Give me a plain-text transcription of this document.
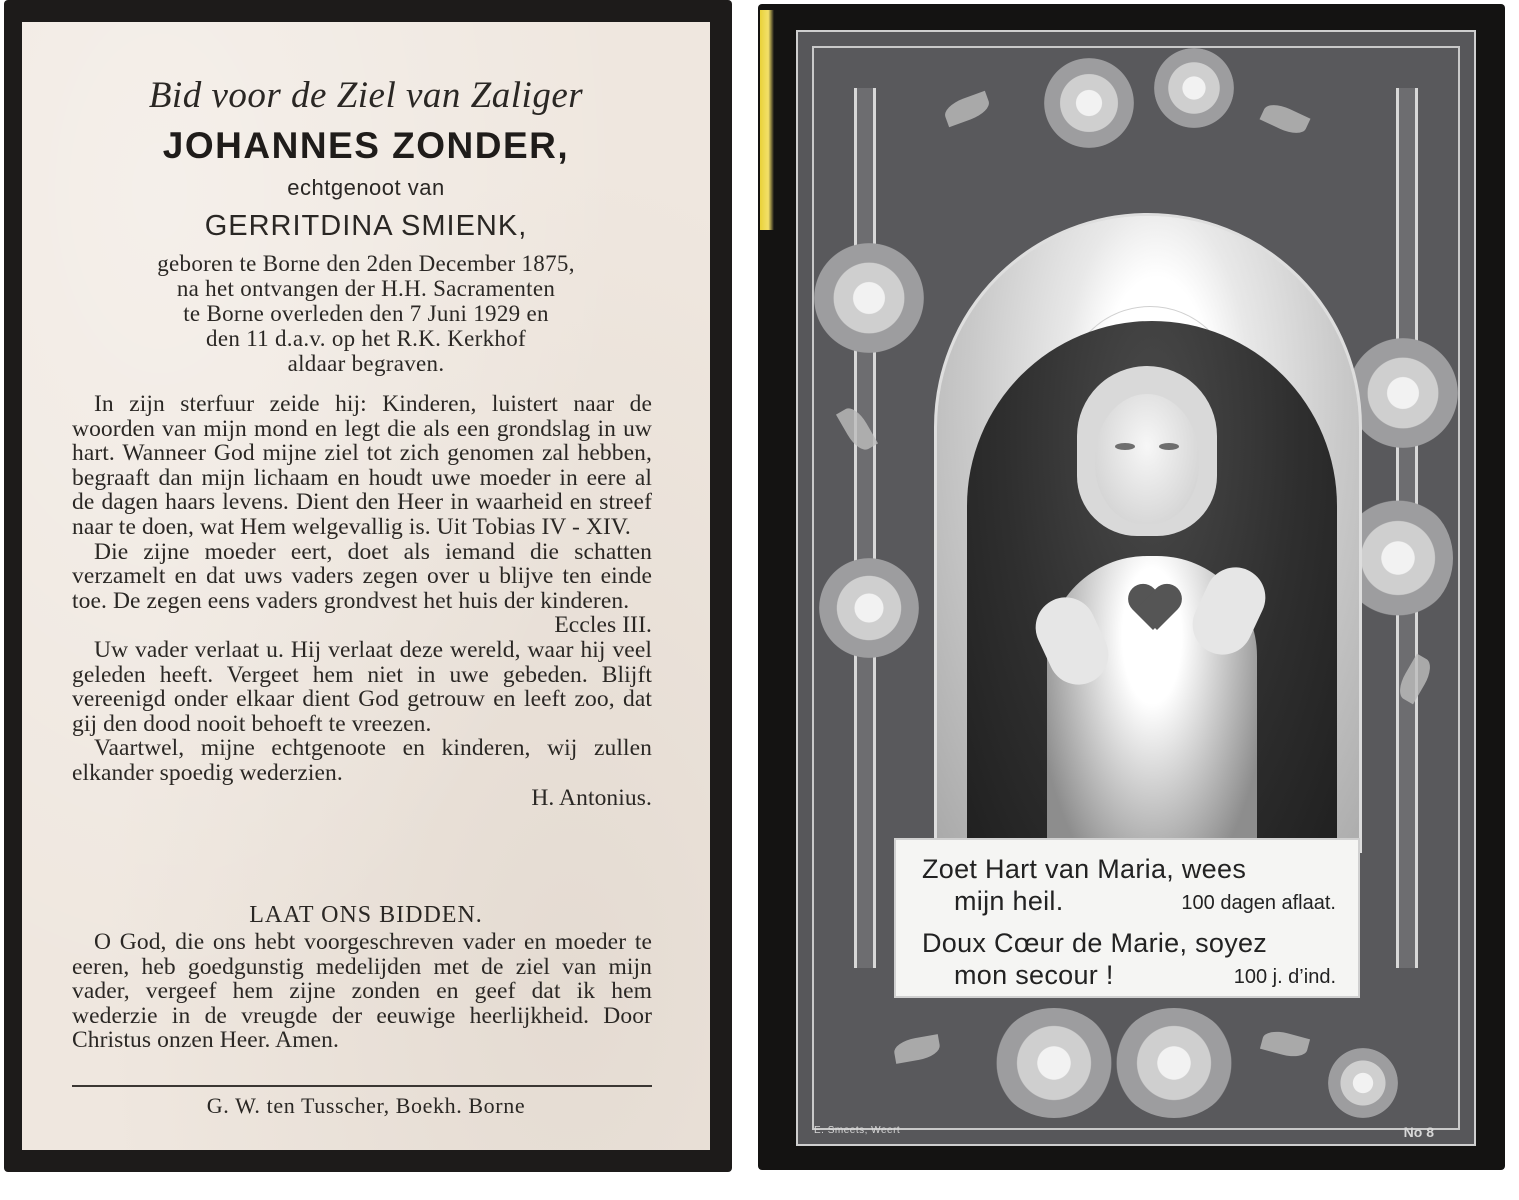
Bid voor de Ziel van Zaliger
JOHANNES ZONDER,
echtgenoot van
GERRITDINA SMIENK,
geboren te Borne den 2den December 1875,
na het ontvangen der H.H. Sacramenten
te Borne overleden den 7 Juni 1929 en
den 11 d.a.v. op het R.K. Kerkhof
aldaar begraven.
In zijn sterfuur zeide hij: Kinderen, luistert naar de woorden van mijn mond en legt die als een grondslag in uw hart. Wanneer God mijne ziel tot zich genomen zal hebben, begraaft dan mijn lichaam en houdt uwe moeder in eere al de dagen haars levens. Dient den Heer in waarheid en streef naar te doen, wat Hem welgevallig is. Uit Tobias IV - XIV.
Die zijne moeder eert, doet als iemand die schatten verzamelt en dat uws vaders zegen over u blijve ten einde toe. De zegen eens vaders grondvest het huis der kinderen.
Eccles III.
Uw vader verlaat u. Hij verlaat deze wereld, waar hij veel geleden heeft. Vergeet hem niet in uwe gebeden. Blijft vereenigd onder elkaar dient God getrouw en leeft zoo, dat gij den dood nooit behoeft te vreezen.
Vaartwel, mijne echtgenoote en kinderen, wij zullen elkander spoedig wederzien.
H. Antonius.
LAAT ONS BIDDEN.
O God, die ons hebt voorgeschreven vader en moeder te eeren, heb goedgunstig medelijden met de ziel van mijn vader, vergeef hem zijne zonden en geef dat ik hem wederzie in de vreugde der eeuwige heerlijkheid. Door Christus onzen Heer. Amen.
G. W. ten Tusscher, Boekh. Borne
Zoet Hart van Maria, wees
mijn heil.	100 dagen aflaat.
Doux Cœur de Marie, soyez
mon secour !	100 j. d’ind.
E. Smeets, Weert	No 8
